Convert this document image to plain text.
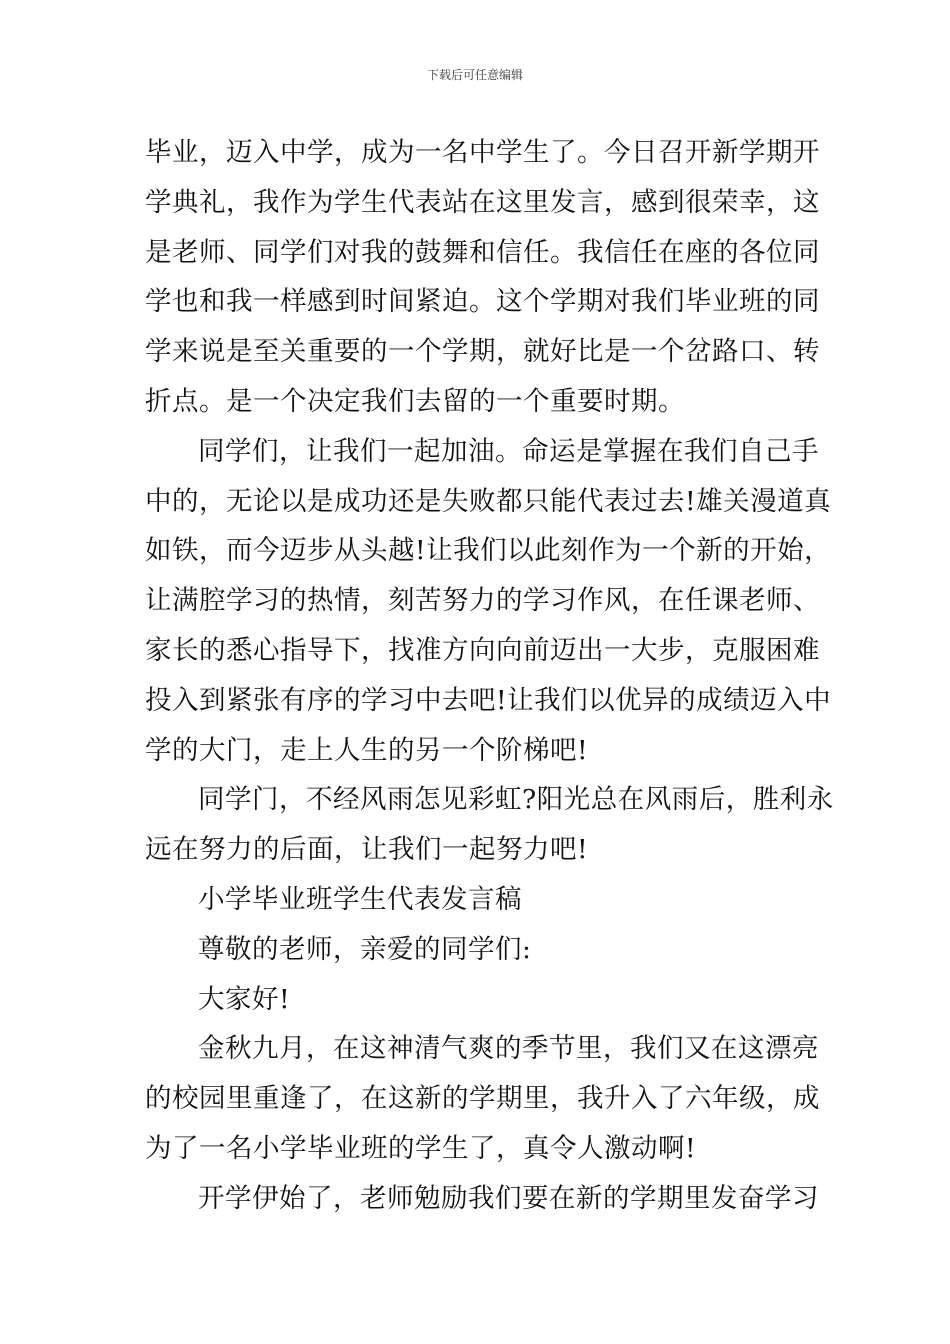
下载后可任意编辑
毕业，迈入中学，成为一名中学生了。今日召开新学期开
学典礼，我作为学生代表站在这里发言，感到很荣幸，这
是老师、同学们对我的鼓舞和信任。我信任在座的各位同
学也和我一样感到时间紧迫。这个学期对我们毕业班的同
学来说是至关重要的一个学期，就好比是一个岔路口、转
折点。是一个决定我们去留的一个重要时期。
同学们，让我们一起加油。命运是掌握在我们自己手
中的，无论以是成功还是失败都只能代表过去!雄关漫道真
如铁，而今迈步从头越!让我们以此刻作为一个新的开始，
让满腔学习的热情，刻苦努力的学习作风，在任课老师、
家长的悉心指导下，找准方向向前迈出一大步，克服困难
投入到紧张有序的学习中去吧!让我们以优异的成绩迈入中
学的大门，走上人生的另一个阶梯吧!
同学门，不经风雨怎见彩虹?阳光总在风雨后，胜利永
远在努力的后面，让我们一起努力吧!
小学毕业班学生代表发言稿
尊敬的老师，亲爱的同学们:
大家好!
金秋九月，在这神清气爽的季节里，我们又在这漂亮
的校园里重逢了，在这新的学期里，我升入了六年级，成
为了一名小学毕业班的学生了，真令人激动啊!
开学伊始了，老师勉励我们要在新的学期里发奋学习
